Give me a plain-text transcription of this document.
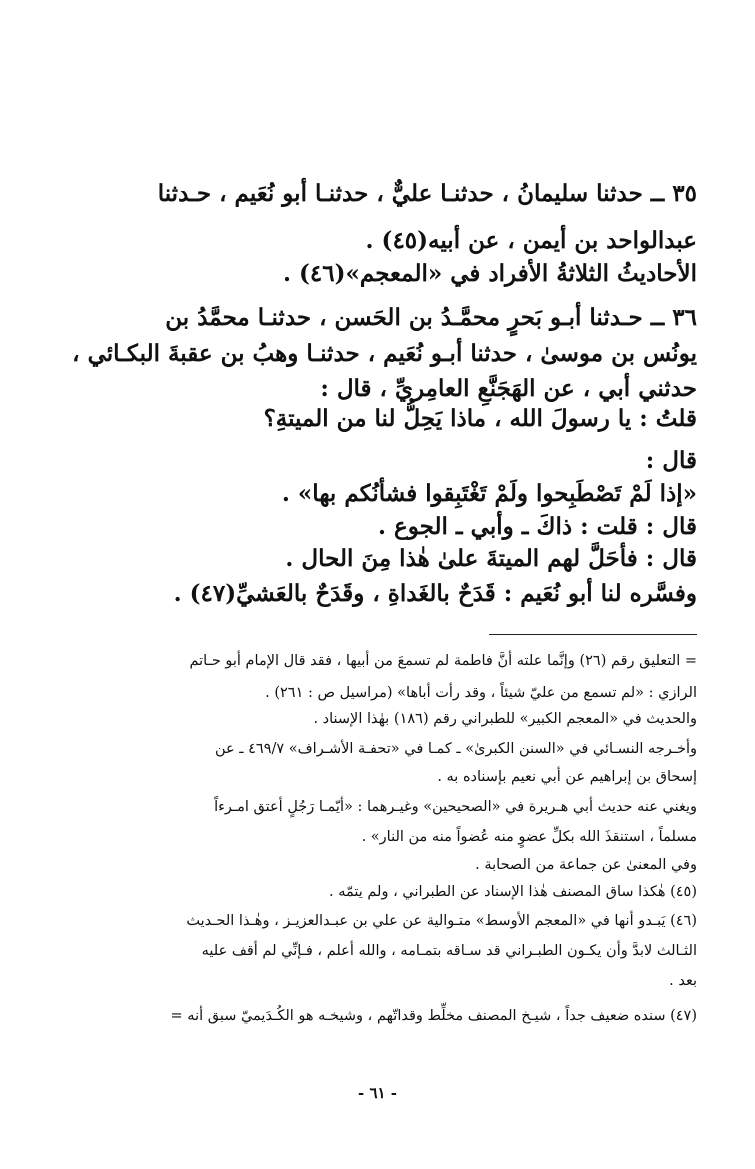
٣٥ ــ حدثنا سليمانُ ، حدثنـا عليٌّ ، حدثنـا أبو نُعَيم ، حـدثنا
عبدالواحد بن أيمن ، عن أبيه(٤٥) .
الأحاديثُ الثلاثةُ الأفراد في «المعجم»(٤٦) .
٣٦ ــ حـدثنا أبـو بَحرٍ محمَّـدُ بن الحَسن ، حدثنـا محمَّدُ بن
يونُس بن موسىٰ ، حدثنا أبـو نُعَيم ، حدثنـا وهبُ بن عقبةَ البكـائي ،
حدثني أبي ، عن الهَجَنَّعِ العامِريِّ ، قال :
قلتُ : يا رسولَ الله ، ماذا يَحِلُّ لنا من الميتةِ؟
قال :
«إذا لَمْ تَصْطَبِحوا ولَمْ تَغْتَبِقوا فشأنُكم بها» .
قال : قلت : ذاكَ ـ وأبي ـ الجوع .
قال : فأحَلَّ لهم الميتةَ علىٰ هٰذا مِنَ الحال .
وفسَّره لنا أبو نُعَيم : قَدَحٌ بالغَداةِ ، وقَدَحٌ بالعَشيِّ(٤٧) .
= التعليق رقم (٢٦) وإنَّما علته أنَّ فاطمة لم تسمعَ من أبيها ، فقد قال الإمام أبو حـاتم
الرازي : «لم تسمع من عليّ شيئاً ، وقد رأت أباها» (مراسيل ص : ٢٦١) .
والحديث في «المعجم الكبير» للطبراني رقم (١٨٦) بهٰذا الإسناد .
وأخـرجه النسـائي في «السنن الكبرىٰ» ـ كمـا في «تحفـة الأشـراف» ٤٦٩/٧ ـ عن
إسحاق بن إبراهيم عن أبي نعيم بإسناده به .
ويغني عنه حديث أبي هـريرة في «الصحيحين» وغيـرهما : «أيّمـا رَجُلٍ أعتق امـرءاً
مسلماً ، استنقذَ الله بكلِّ عضوٍ منه عُضواً منه من النار» .
وفي المعنىٰ عن جماعة من الصحابة .
(٤٥) هٰكذا ساق المصنف هٰذا الإسناد عن الطبراني ، ولم يتمّه .
(٤٦) يَبـدو أنها في «المعجم الأوسط» متـوالية عن علي بن عبـدالعزيـز ، وهٰـذا الحـديث
الثـالث لابدَّ وأن يكـون الطبـراني قد سـاقه بتمـامه ، والله أعلم ، فـإنِّي لم أقف عليه
بعد .
(٤٧) سنده ضعيف جداً ، شيـخ المصنف مخلِّط وقداتّهم ، وشيخـه هو الكُـدَيميّ سبق أنه =
- ٦١ -
